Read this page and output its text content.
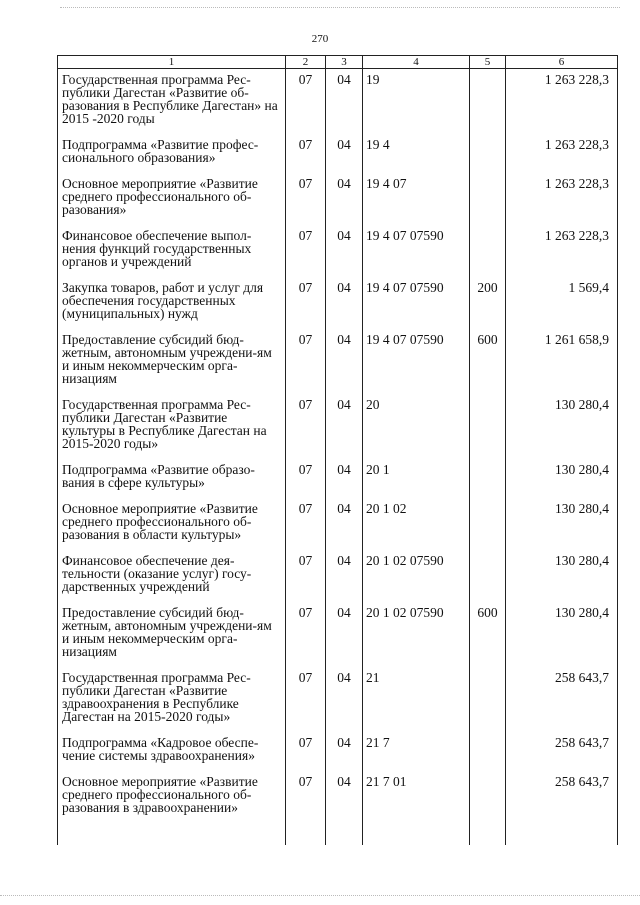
270
1	2	3	4	5	6
Государственная программа Рес-публики Дагестан «Развитие об-разования в Республике Дагестан» на 2015 -2020 годы	07	04	19		1 263 228,3
Подпрограмма «Развитие профес-сионального образования»	07	04	19 4		1 263 228,3
Основное мероприятие «Развитие среднего профессионального об-разования»	07	04	19 4 07		1 263 228,3
Финансовое обеспечение выпол-нения функций государственных органов и учреждений	07	04	19 4 07 07590		1 263 228,3
Закупка товаров, работ и услуг для обеспечения государственных (муниципальных) нужд	07	04	19 4 07 07590	200	1 569,4
Предоставление субсидий бюд-жетным, автономным учреждени-ям и иным некоммерческим орга-низациям	07	04	19 4 07 07590	600	1 261 658,9
Государственная программа Рес-публики Дагестан «Развитие культуры в Республике Дагестан на 2015-2020 годы»	07	04	20		130 280,4
Подпрограмма «Развитие образо-вания в сфере культуры»	07	04	20 1		130 280,4
Основное мероприятие «Развитие среднего профессионального об-разования в области культуры»	07	04	20 1 02		130 280,4
Финансовое обеспечение дея-тельности (оказание услуг) госу-дарственных учреждений	07	04	20 1 02 07590		130 280,4
Предоставление субсидий бюд-жетным, автономным учреждени-ям и иным некоммерческим орга-низациям	07	04	20 1 02 07590	600	130 280,4
Государственная программа Рес-публики Дагестан «Развитие здравоохранения в Республике Дагестан на 2015-2020 годы»	07	04	21		258 643,7
Подпрограмма «Кадровое обеспе-чение системы здравоохранения»	07	04	21 7		258 643,7
Основное мероприятие «Развитие среднего профессионального об-разования в здравоохранении»	07	04	21 7 01		258 643,7
